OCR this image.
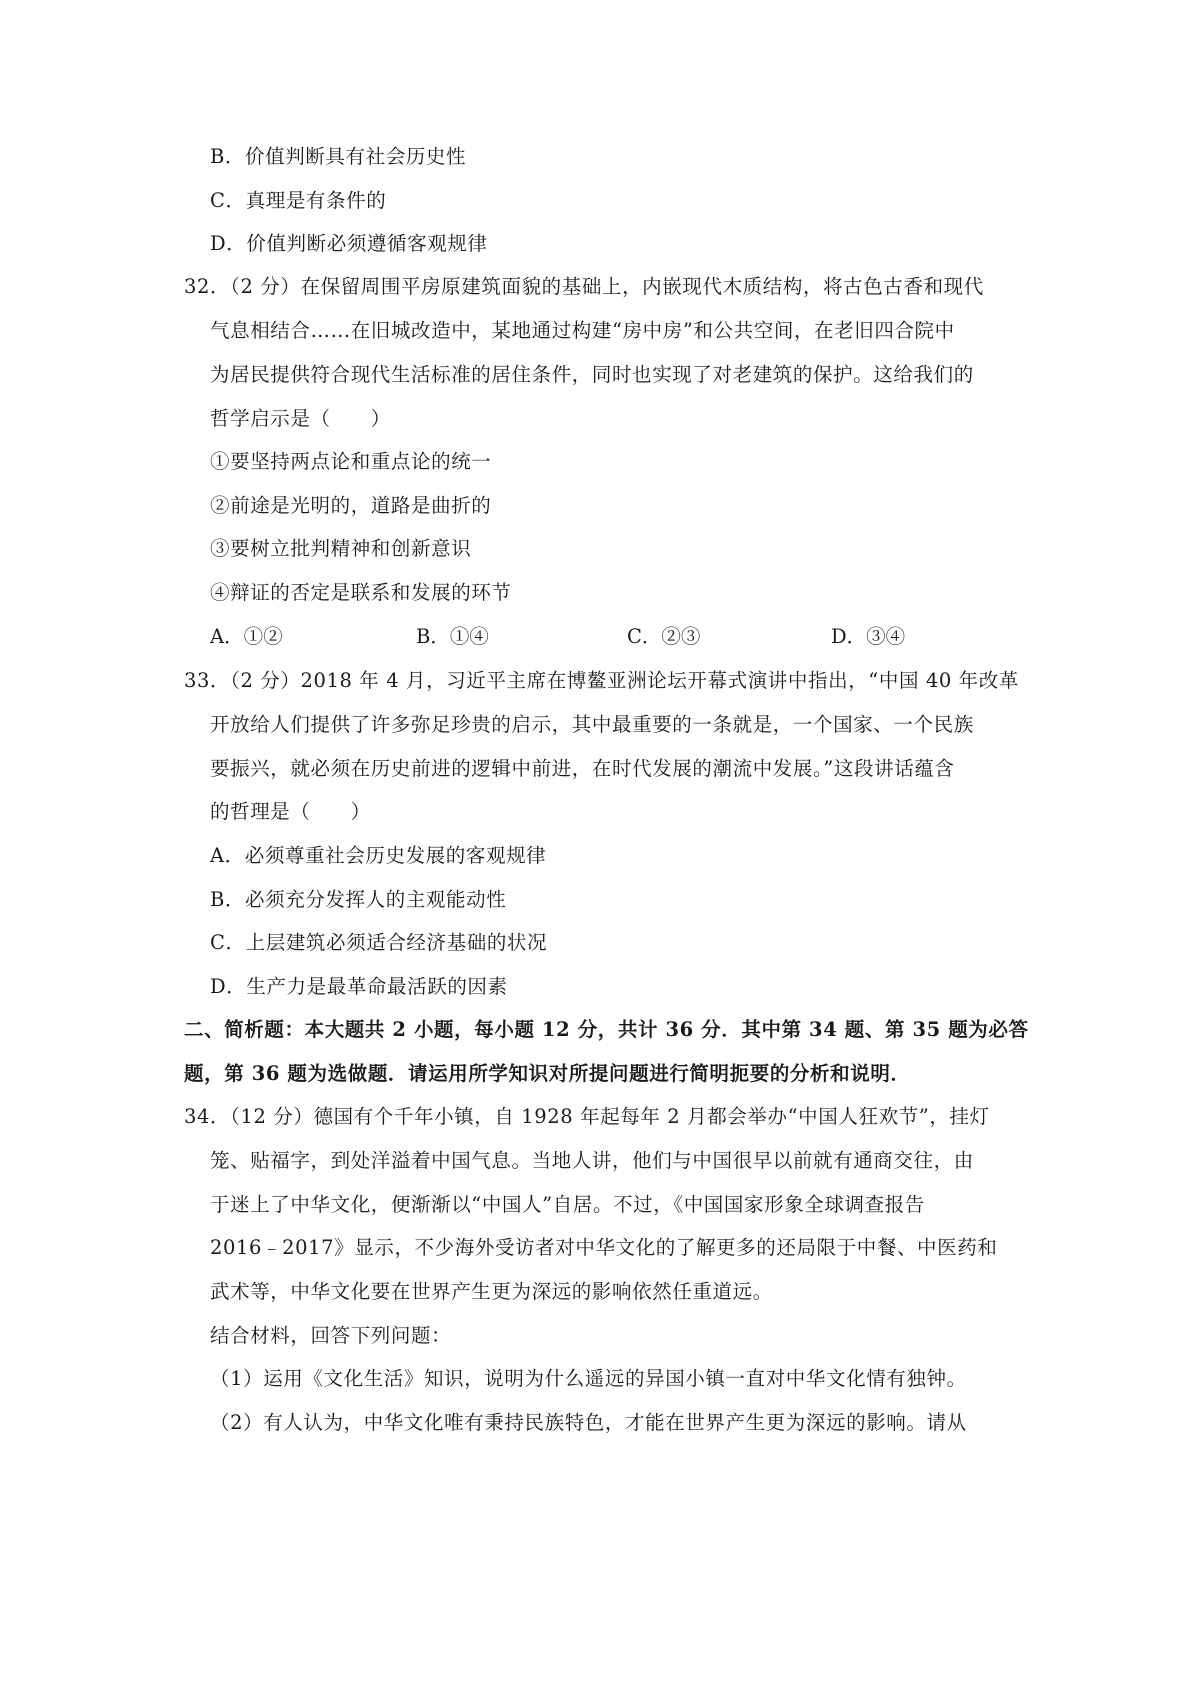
B．价值判断具有社会历史性
C．真理是有条件的
D．价值判断必须遵循客观规律
32．（2 分）在保留周围平房原建筑面貌的基础上，内嵌现代木质结构，将古色古香和现代
气息相结合……在旧城改造中，某地通过构建“房中房”和公共空间，在老旧四合院中
为居民提供符合现代生活标准的居住条件，同时也实现了对老建筑的保护。这给我们的
哲学启示是（　　）
①要坚持两点论和重点论的统一
②前途是光明的，道路是曲折的
③要树立批判精神和创新意识
④辩证的否定是联系和发展的环节
A．①②	B．①④	C．②③	D．③④
33．（2 分）2018 年 4 月，习近平主席在博鳌亚洲论坛开幕式演讲中指出，“中国 40 年改革
开放给人们提供了许多弥足珍贵的启示，其中最重要的一条就是，一个国家、一个民族
要振兴，就必须在历史前进的逻辑中前进，在时代发展的潮流中发展。”这段讲话蕴含
的哲理是（　　）
A．必须尊重社会历史发展的客观规律
B．必须充分发挥人的主观能动性
C．上层建筑必须适合经济基础的状况
D．生产力是最革命最活跃的因素
二、简析题：本大题共 2 小题，每小题 12 分，共计 36 分．其中第 34 题、第 35 题为必答
题，第 36 题为选做题．请运用所学知识对所提问题进行简明扼要的分析和说明．
34．（12 分）德国有个千年小镇，自 1928 年起每年 2 月都会举办“中国人狂欢节”，挂灯
笼、贴福字，到处洋溢着中国气息。当地人讲，他们与中国很早以前就有通商交往，由
于迷上了中华文化，便渐渐以“中国人”自居。不过，《中国国家形象全球调查报告
2016﹣2017》显示，不少海外受访者对中华文化的了解更多的还局限于中餐、中医药和
武术等，中华文化要在世界产生更为深远的影响依然任重道远。
结合材料，回答下列问题：
（1）运用《文化生活》知识，说明为什么遥远的异国小镇一直对中华文化情有独钟。
（2）有人认为，中华文化唯有秉持民族特色，才能在世界产生更为深远的影响。请从
